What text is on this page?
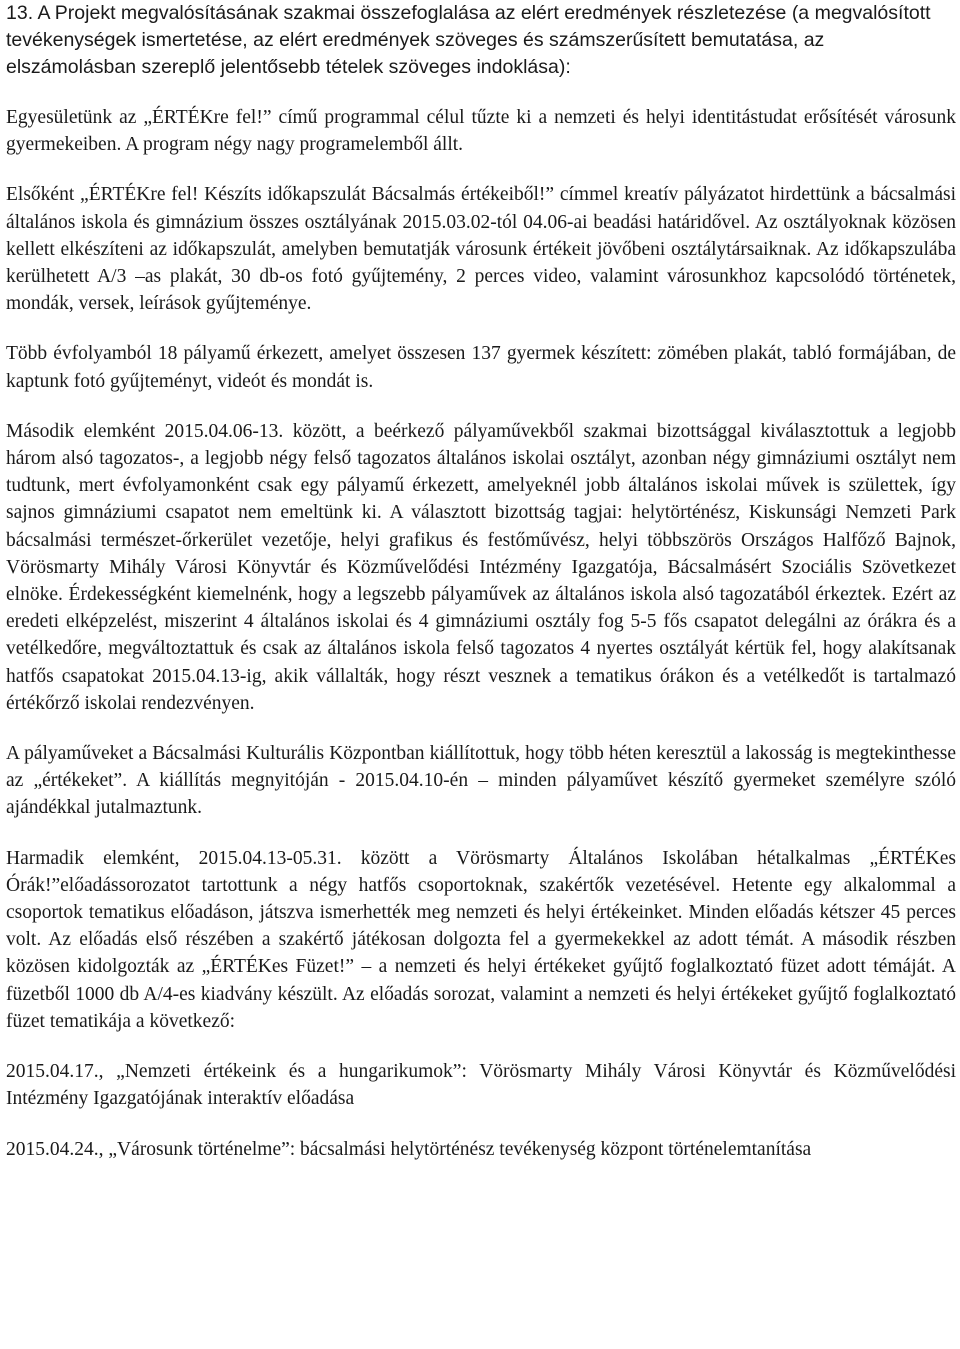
13. A Projekt megvalósításának szakmai összefoglalása az elért eredmények részletezése (a megvalósított tevékenységek ismertetése, az elért eredmények szöveges és számszerűsített bemutatása, az elszámolásban szereplő jelentősebb tételek szöveges indoklása):

Egyesületünk az „ÉRTÉKre fel!” című programmal célul tűzte ki a nemzeti és helyi identitástudat erősítését városunk gyermekeiben. A program négy nagy programelemből állt.

Elsőként „ÉRTÉKre fel! Készíts időkapszulát Bácsalmás értékeiből!” címmel kreatív pályázatot hirdettünk a bácsalmási általános iskola és gimnázium összes osztályának 2015.03.02-tól 04.06-ai beadási határidővel. Az osztályoknak közösen kellett elkészíteni az időkapszulát, amelyben bemutatják városunk értékeit jövőbeni osztálytársaiknak. Az időkapszulába kerülhetett A/3 –as plakát, 30 db-os fotó gyűjtemény, 2 perces video, valamint városunkhoz kapcsolódó történetek, mondák, versek, leírások gyűjteménye.

Több évfolyamból 18 pályamű érkezett, amelyet összesen 137 gyermek készített: zömében plakát, tabló formájában, de kaptunk fotó gyűjteményt, videót és mondát is.

Második elemként 2015.04.06-13. között, a beérkező pályaművekből szakmai bizottsággal kiválasztottuk a legjobb három alsó tagozatos-, a legjobb négy felső tagozatos általános iskolai osztályt, azonban négy gimnáziumi osztályt nem tudtunk, mert évfolyamonként csak egy pályamű érkezett, amelyeknél jobb általános iskolai művek is születtek, így sajnos gimnáziumi csapatot nem emeltünk ki. A választott bizottság tagjai: helytörténész, Kiskunsági Nemzeti Park bácsalmási természet-őrkerület vezetője, helyi grafikus és festőművész, helyi többszörös Országos Halfőző Bajnok, Vörösmarty Mihály Városi Könyvtár és Közművelődési Intézmény Igazgatója, Bácsalmásért Szociális Szövetkezet elnöke. Érdekességként kiemelnénk, hogy a legszebb pályaművek az általános iskola alsó tagozatából érkeztek. Ezért az eredeti elképzelést, miszerint 4 általános iskolai és 4 gimnáziumi osztály fog 5-5 fős csapatot delegálni az órákra és a vetélkedőre, megváltoztattuk és csak az általános iskola felső tagozatos 4 nyertes osztályát kértük fel, hogy alakítsanak hatfős csapatokat 2015.04.13-ig, akik vállalták, hogy részt vesznek a tematikus órákon és a vetélkedőt is tartalmazó értékőrző iskolai rendezvényen.

A pályaműveket a Bácsalmási Kulturális Központban kiállítottuk, hogy több héten keresztül a lakosság is megtekinthesse az „értékeket”. A kiállítás megnyitóján - 2015.04.10-én – minden pályaművet készítő gyermeket személyre szóló ajándékkal jutalmaztunk.

Harmadik elemként, 2015.04.13-05.31. között a Vörösmarty Általános Iskolában hétalkalmas „ÉRTÉKes Órák!”előadássorozatot tartottunk a négy hatfős csoportoknak, szakértők vezetésével. Hetente egy alkalommal a csoportok tematikus előadáson, játszva ismerhették meg nemzeti és helyi értékeinket. Minden előadás kétszer 45 perces volt. Az előadás első részében a szakértő játékosan dolgozta fel a gyermekekkel az adott témát. A második részben közösen kidolgozták az „ÉRTÉKes Füzet!” – a nemzeti és helyi értékeket gyűjtő foglalkoztató füzet adott témáját. A füzetből 1000 db A/4-es kiadvány készült. Az előadás sorozat, valamint a nemzeti és helyi értékeket gyűjtő foglalkoztató füzet tematikája a következő:

2015.04.17., „Nemzeti értékeink és a hungarikumok”: Vörösmarty Mihály Városi Könyvtár és Közművelődési Intézmény Igazgatójának interaktív előadása

2015.04.24., „Városunk történelme”: bácsalmási helytörténész tevékenység központ történelemtanítása
